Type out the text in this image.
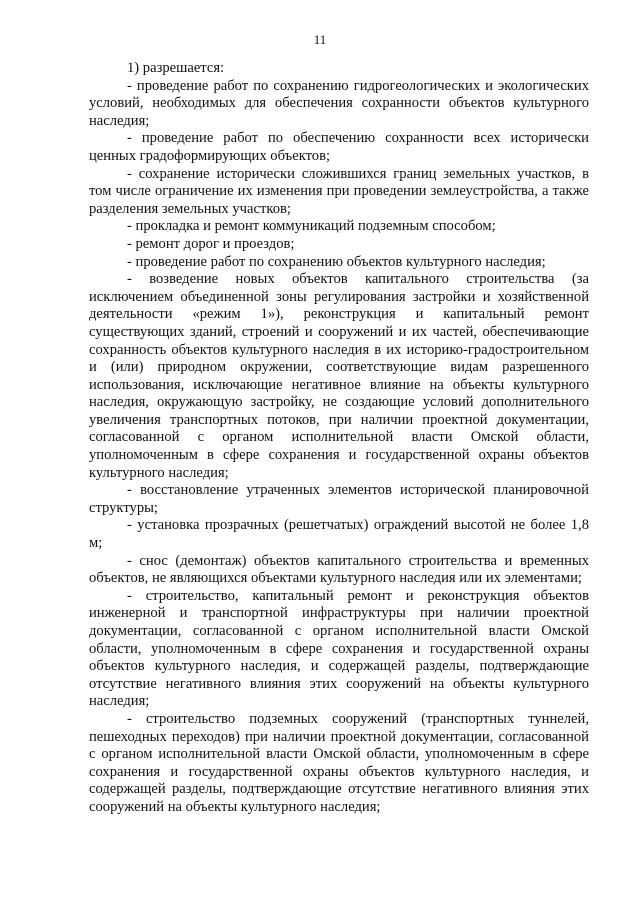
11

1) разрешается:

- проведение работ по сохранению гидрогеологических и экологических условий, необходимых для обеспечения сохранности объектов культурного наследия;

- проведение работ по обеспечению сохранности всех исторически ценных градоформирующих объектов;

- сохранение исторически сложившихся границ земельных участков, в том числе ограничение их изменения при проведении землеустройства, а также разделения земельных участков;

- прокладка и ремонт коммуникаций подземным способом;

- ремонт дорог и проездов;

- проведение работ по сохранению объектов культурного наследия;

- возведение новых объектов капитального строительства (за исключением объединенной зоны регулирования застройки и хозяйственной деятельности «режим 1»), реконструкция и капитальный ремонт существующих зданий, строений и сооружений и их частей, обеспечивающие сохранность объектов культурного наследия в их историко-градостроительном и (или) природном окружении, соответствующие видам разрешенного использования, исключающие негативное влияние на объекты культурного наследия, окружающую застройку, не создающие условий дополнительного увеличения транспортных потоков, при наличии проектной документации, согласованной с органом исполнительной власти Омской области, уполномоченным в сфере сохранения и государственной охраны объектов культурного наследия;

- восстановление утраченных элементов исторической планировочной структуры;

- установка прозрачных (решетчатых) ограждений высотой не более 1,8 м;

- снос (демонтаж) объектов капитального строительства и временных объектов, не являющихся объектами культурного наследия или их элементами;

- строительство, капитальный ремонт и реконструкция объектов инженерной и транспортной инфраструктуры при наличии проектной документации, согласованной с органом исполнительной власти Омской области, уполномоченным в сфере сохранения и государственной охраны объектов культурного наследия, и содержащей разделы, подтверждающие отсутствие негативного влияния этих сооружений на объекты культурного наследия;

- строительство подземных сооружений (транспортных туннелей, пешеходных переходов) при наличии проектной документации, согласованной с органом исполнительной власти Омской области, уполномоченным в сфере сохранения и государственной охраны объектов культурного наследия, и содержащей разделы, подтверждающие отсутствие негативного влияния этих сооружений на объекты культурного наследия;
